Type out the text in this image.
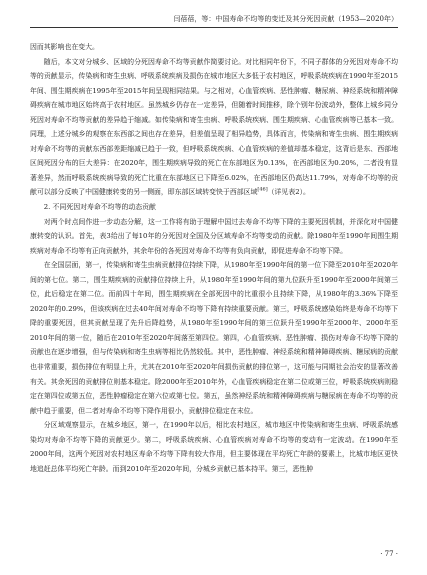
闫蓓蓓，等：中国寿命不均等的变迁及其分死因贡献（1953—2020年）

因而其影响也在变大。

随后，本文对分城乡、区域的分死因寿命不均等贡献作简要讨论。对比相同年份下，不同子群体的分死因对寿命不均等的贡献显示，传染病和寄生虫病、呼吸系统疾病及损伤在城市地区大多低于农村地区，呼吸系统疾病在1990年至2015年间、围生期疾病在1995年至2015年间呈现相同结果。与之相对，心血管疾病、恶性肿瘤、糖尿病、神经系统和精神障碍疾病在城市地区始终高于农村地区。虽然城乡仍存在一定差异，但随着时间推移，除个别年份波动外，整体上城乡同分死因对寿命不均等贡献的差异趋于缩减。如传染病和寄生虫病、呼吸系统疾病、围生期疾病、心血管疾病等已基本一致。同理，上述分城乡的观察在东西部之间也存在差异，但差值呈现了相异趋势，具体而言，传染病和寄生虫病、围生期疾病对寿命不均等的贡献东西部差距缩减已趋于一致，但呼吸系统疾病、心血管疾病的差值却基本稳定，这背后是东、西部地区间死因分布的巨大差异：在2020年，围生期疾病导致的死亡在东部地区为0.13%，在西部地区为0.20%，二者没有显著差异，然而呼吸系统疾病导致的死亡比重在东部地区已下降至6.02%，在西部地区仍高达11.79%，对寿命不均等的贡献可以部分反映了中国健康转变的另一侧面，即东部区域转变快于西部区域[46]（详见表2）。

2. 不同死因对寿命不均等的动态贡献

对两个时点间作进一步动态分解，这一工作将有助于理解中国过去寿命不均等下降的主要死因机制，并深化对中国健康转变的认识。首先，表3给出了每10年的分死因对全国及分区域寿命不均等变动的贡献。除1980年至1990年间围生期疾病对寿命不均等有正向贡献外，其余年份的各死因对寿命不均等有负向贡献，即促进寿命不均等下降。

在全国层面，第一，传染病和寄生虫病贡献排位持续下降，从1980年至1990年间的第一位下降至2010年至2020年间的第七位。第二，围生期疾病的贡献排位持续上升，从1980年至1990年间的第九位跃升至1990年至2000年间第三位，此后稳定在第二位。而前四十年间，围生期疾病在全部死因中的比重很小且持续下降，从1980年的3.36%下降至2020年的0.29%，但该疾病在过去40年间对寿命不均等下降有持续重要贡献。第三，呼吸系统感染始终是寿命不均等下降的重要死因，但其贡献呈现了先升后降趋势，从1980年至1990年间的第三位跃升至1990年至2000年、2000年至2010年间的第一位，随后在2010年至2020年间落至第四位。第四，心血管疾病、恶性肿瘤、损伤对寿命不均等下降的贡献也在逐步增强，但与传染病和寄生虫病等相比仍然较低。其中，恶性肿瘤、神经系统和精神障碍疾病、糖尿病的贡献也非常重要，损伤排位有明显上升，尤其在2010年至2020年间损伤贡献的排位第一，这可能与同期社会治安的显著改善有关。其余死因的贡献排位则基本稳定。除2000年至2010年外，心血管疾病稳定在第二位或第三位，呼吸系统疾病则稳定在第四位或第五位，恶性肿瘤稳定在第六位或第七位。第五，虽然神经系统和精神障碍疾病与糖尿病在寿命不均等的贡献中趋于重要，但二者对寿命不均等下降作用很小，贡献排位稳定在末位。

分区域观察显示，在城乡地区，第一，在1990年以后，相比农村地区，城市地区中传染病和寄生虫病、呼吸系统感染均对寿命不均等下降的贡献更少。第二，呼吸系统疾病、心血管疾病对寿命不均等的变动有一定波动。在1990年至2000年间，这两个死因对农村地区寿命不均等下降有较大作用，但主要体现在平均死亡年龄的要素上，比城市地区更快地追赶总体平均死亡年龄。而到2010年至2020年间，分城乡贡献已基本持平。第三，恶性肿

· 77 ·
